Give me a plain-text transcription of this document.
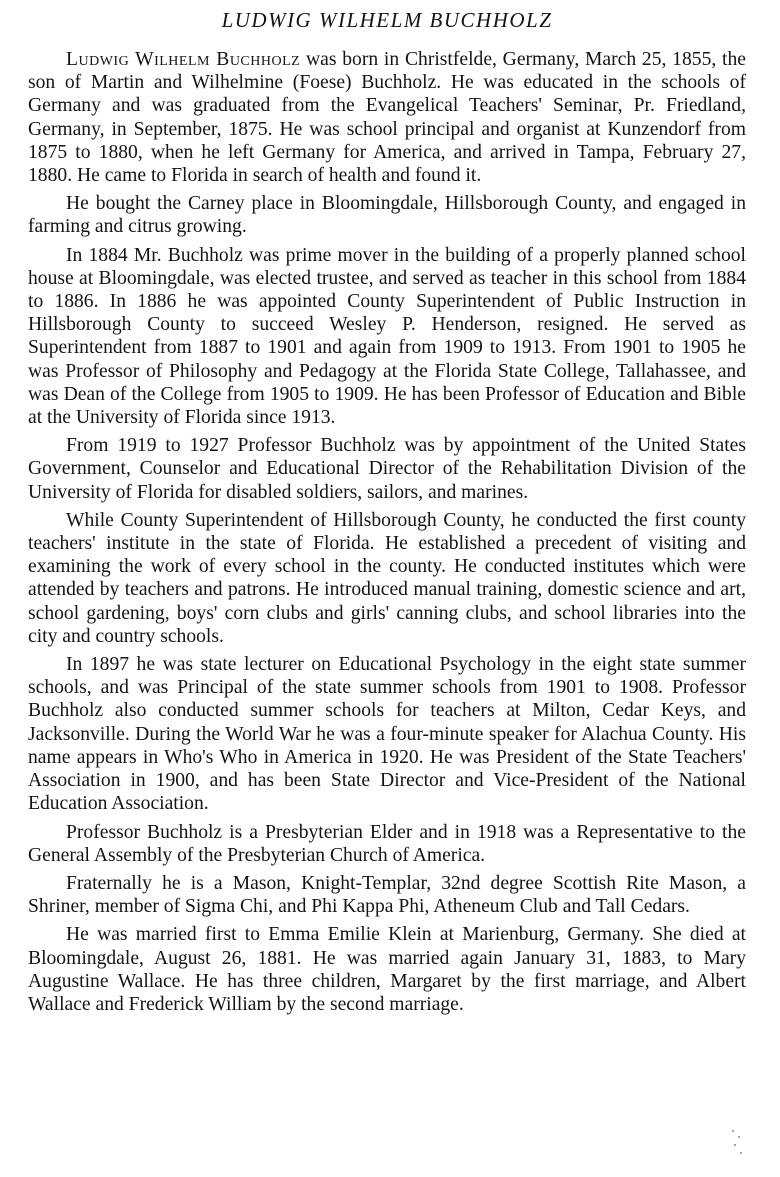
LUDWIG WILHELM BUCHHOLZ

Ludwig Wilhelm Buchholz was born in Christfelde, Germany, March 25, 1855, the son of Martin and Wilhelmine (Foese) Buchholz. He was educated in the schools of Germany and was graduated from the Evangelical Teachers' Seminar, Pr. Friedland, Germany, in September, 1875. He was school principal and organist at Kunzendorf from 1875 to 1880, when he left Germany for America, and arrived in Tampa, February 27, 1880. He came to Florida in search of health and found it.

He bought the Carney place in Bloomingdale, Hillsborough County, and engaged in farming and citrus growing.

In 1884 Mr. Buchholz was prime mover in the building of a properly planned school house at Bloomingdale, was elected trustee, and served as teacher in this school from 1884 to 1886. In 1886 he was appointed County Superintendent of Public Instruction in Hillsborough County to succeed Wesley P. Henderson, resigned. He served as Superintendent from 1887 to 1901 and again from 1909 to 1913. From 1901 to 1905 he was Professor of Philosophy and Pedagogy at the Florida State College, Tallahassee, and was Dean of the College from 1905 to 1909. He has been Professor of Education and Bible at the University of Florida since 1913.

From 1919 to 1927 Professor Buchholz was by appointment of the United States Government, Counselor and Educational Director of the Rehabilitation Division of the University of Florida for disabled soldiers, sailors, and marines.

While County Superintendent of Hillsborough County, he conducted the first county teachers' institute in the state of Florida. He established a precedent of visiting and examining the work of every school in the county. He conducted institutes which were attended by teachers and patrons. He introduced manual training, domestic science and art, school gardening, boys' corn clubs and girls' canning clubs, and school libraries into the city and country schools.

In 1897 he was state lecturer on Educational Psychology in the eight state summer schools, and was Principal of the state summer schools from 1901 to 1908. Professor Buchholz also conducted summer schools for teachers at Milton, Cedar Keys, and Jacksonville. During the World War he was a four-minute speaker for Alachua County. His name appears in Who's Who in America in 1920. He was President of the State Teachers' Association in 1900, and has been State Director and Vice-President of the National Education Association.

Professor Buchholz is a Presbyterian Elder and in 1918 was a Representative to the General Assembly of the Presbyterian Church of America.

Fraternally he is a Mason, Knight-Templar, 32nd degree Scottish Rite Mason, a Shriner, member of Sigma Chi, and Phi Kappa Phi, Atheneum Club and Tall Cedars.

He was married first to Emma Emilie Klein at Marienburg, Germany. She died at Bloomingdale, August 26, 1881. He was married again January 31, 1883, to Mary Augustine Wallace. He has three children, Margaret by the first marriage, and Albert Wallace and Frederick William by the second marriage.
